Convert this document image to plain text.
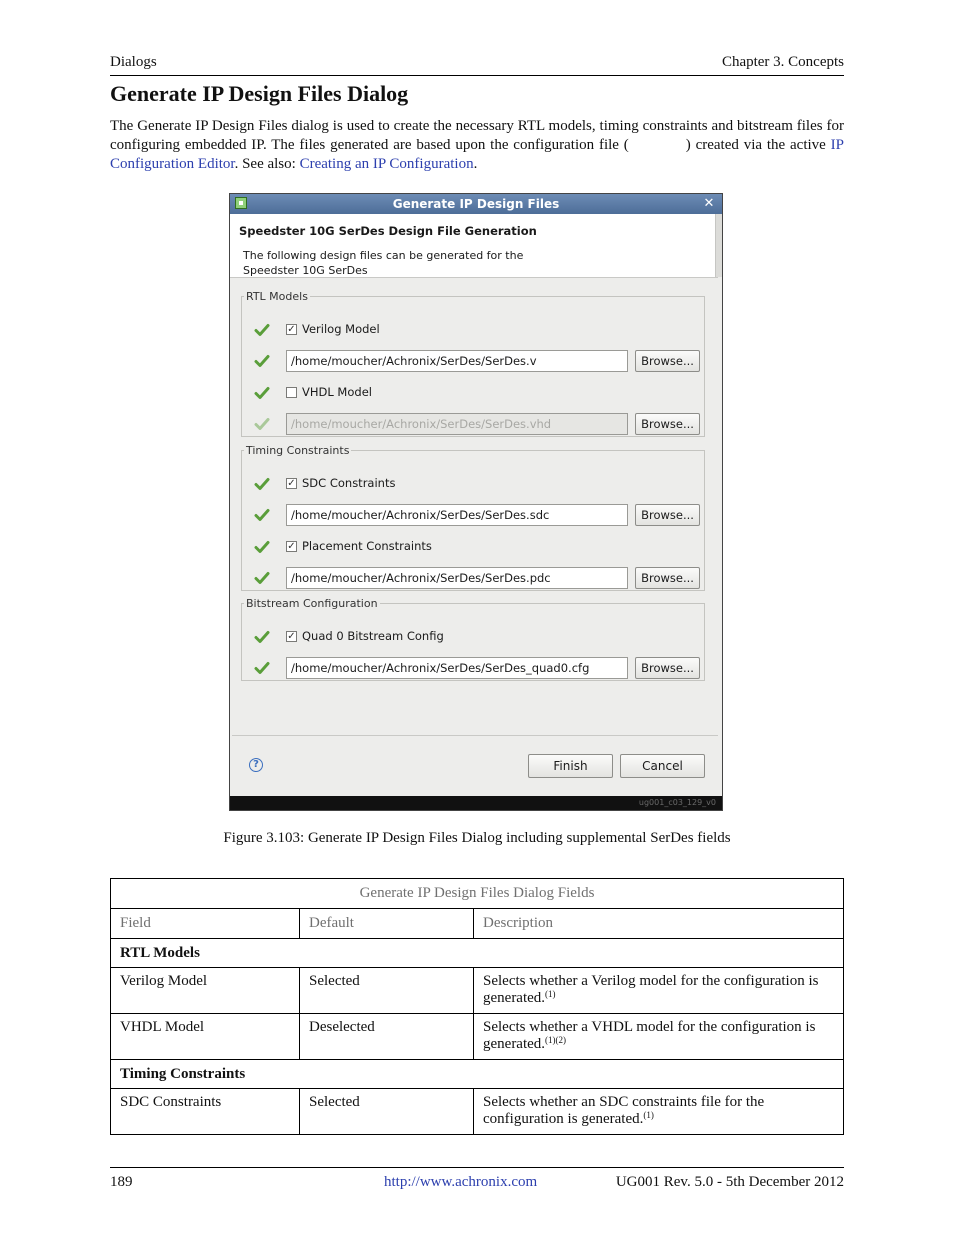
Dialogs	Chapter 3. Concepts
Generate IP Design Files Dialog

The Generate IP Design Files dialog is used to create the necessary RTL models, timing constraints and bitstream files for configuring embedded IP. The files generated are based upon the configuration file (	) created via the active IP Configuration Editor. See also: Creating an IP Configuration.

Generate IP Design Files	✕
Speedster 10G SerDes Design File Generation
The following design files can be generated for the
Speedster 10G SerDes
RTL Models
✓ Verilog Model
/home/moucher/Achronix/SerDes/SerDes.v	Browse...
VHDL Model
/home/moucher/Achronix/SerDes/SerDes.vhd	Browse...
Timing Constraints
✓ SDC Constraints
/home/moucher/Achronix/SerDes/SerDes.sdc	Browse...
✓ Placement Constraints
/home/moucher/Achronix/SerDes/SerDes.pdc	Browse...
Bitstream Configuration
✓ Quad 0 Bitstream Config
/home/moucher/Achronix/SerDes/SerDes_quad0.cfg	Browse...
?	Finish	Cancel
ug001_c03_129_v0
Figure 3.103: Generate IP Design Files Dialog including supplemental SerDes fields
Generate IP Design Files Dialog Fields		
Field	Default	Description
RTL Models		
Verilog Model	Selected	Selects whether a Verilog model for the configuration is generated.$^{(1)}$
VHDL Model	Deselected	Selects whether a VHDL model for the configuration is generated.$^{(1)(2)}$
Timing Constraints		
SDC Constraints	Selected	Selects whether an SDC constraints file for the configuration is generated.$^{(1)}$
189	http://www.achronix.com	UG001 Rev. 5.0 - 5th December 2012
